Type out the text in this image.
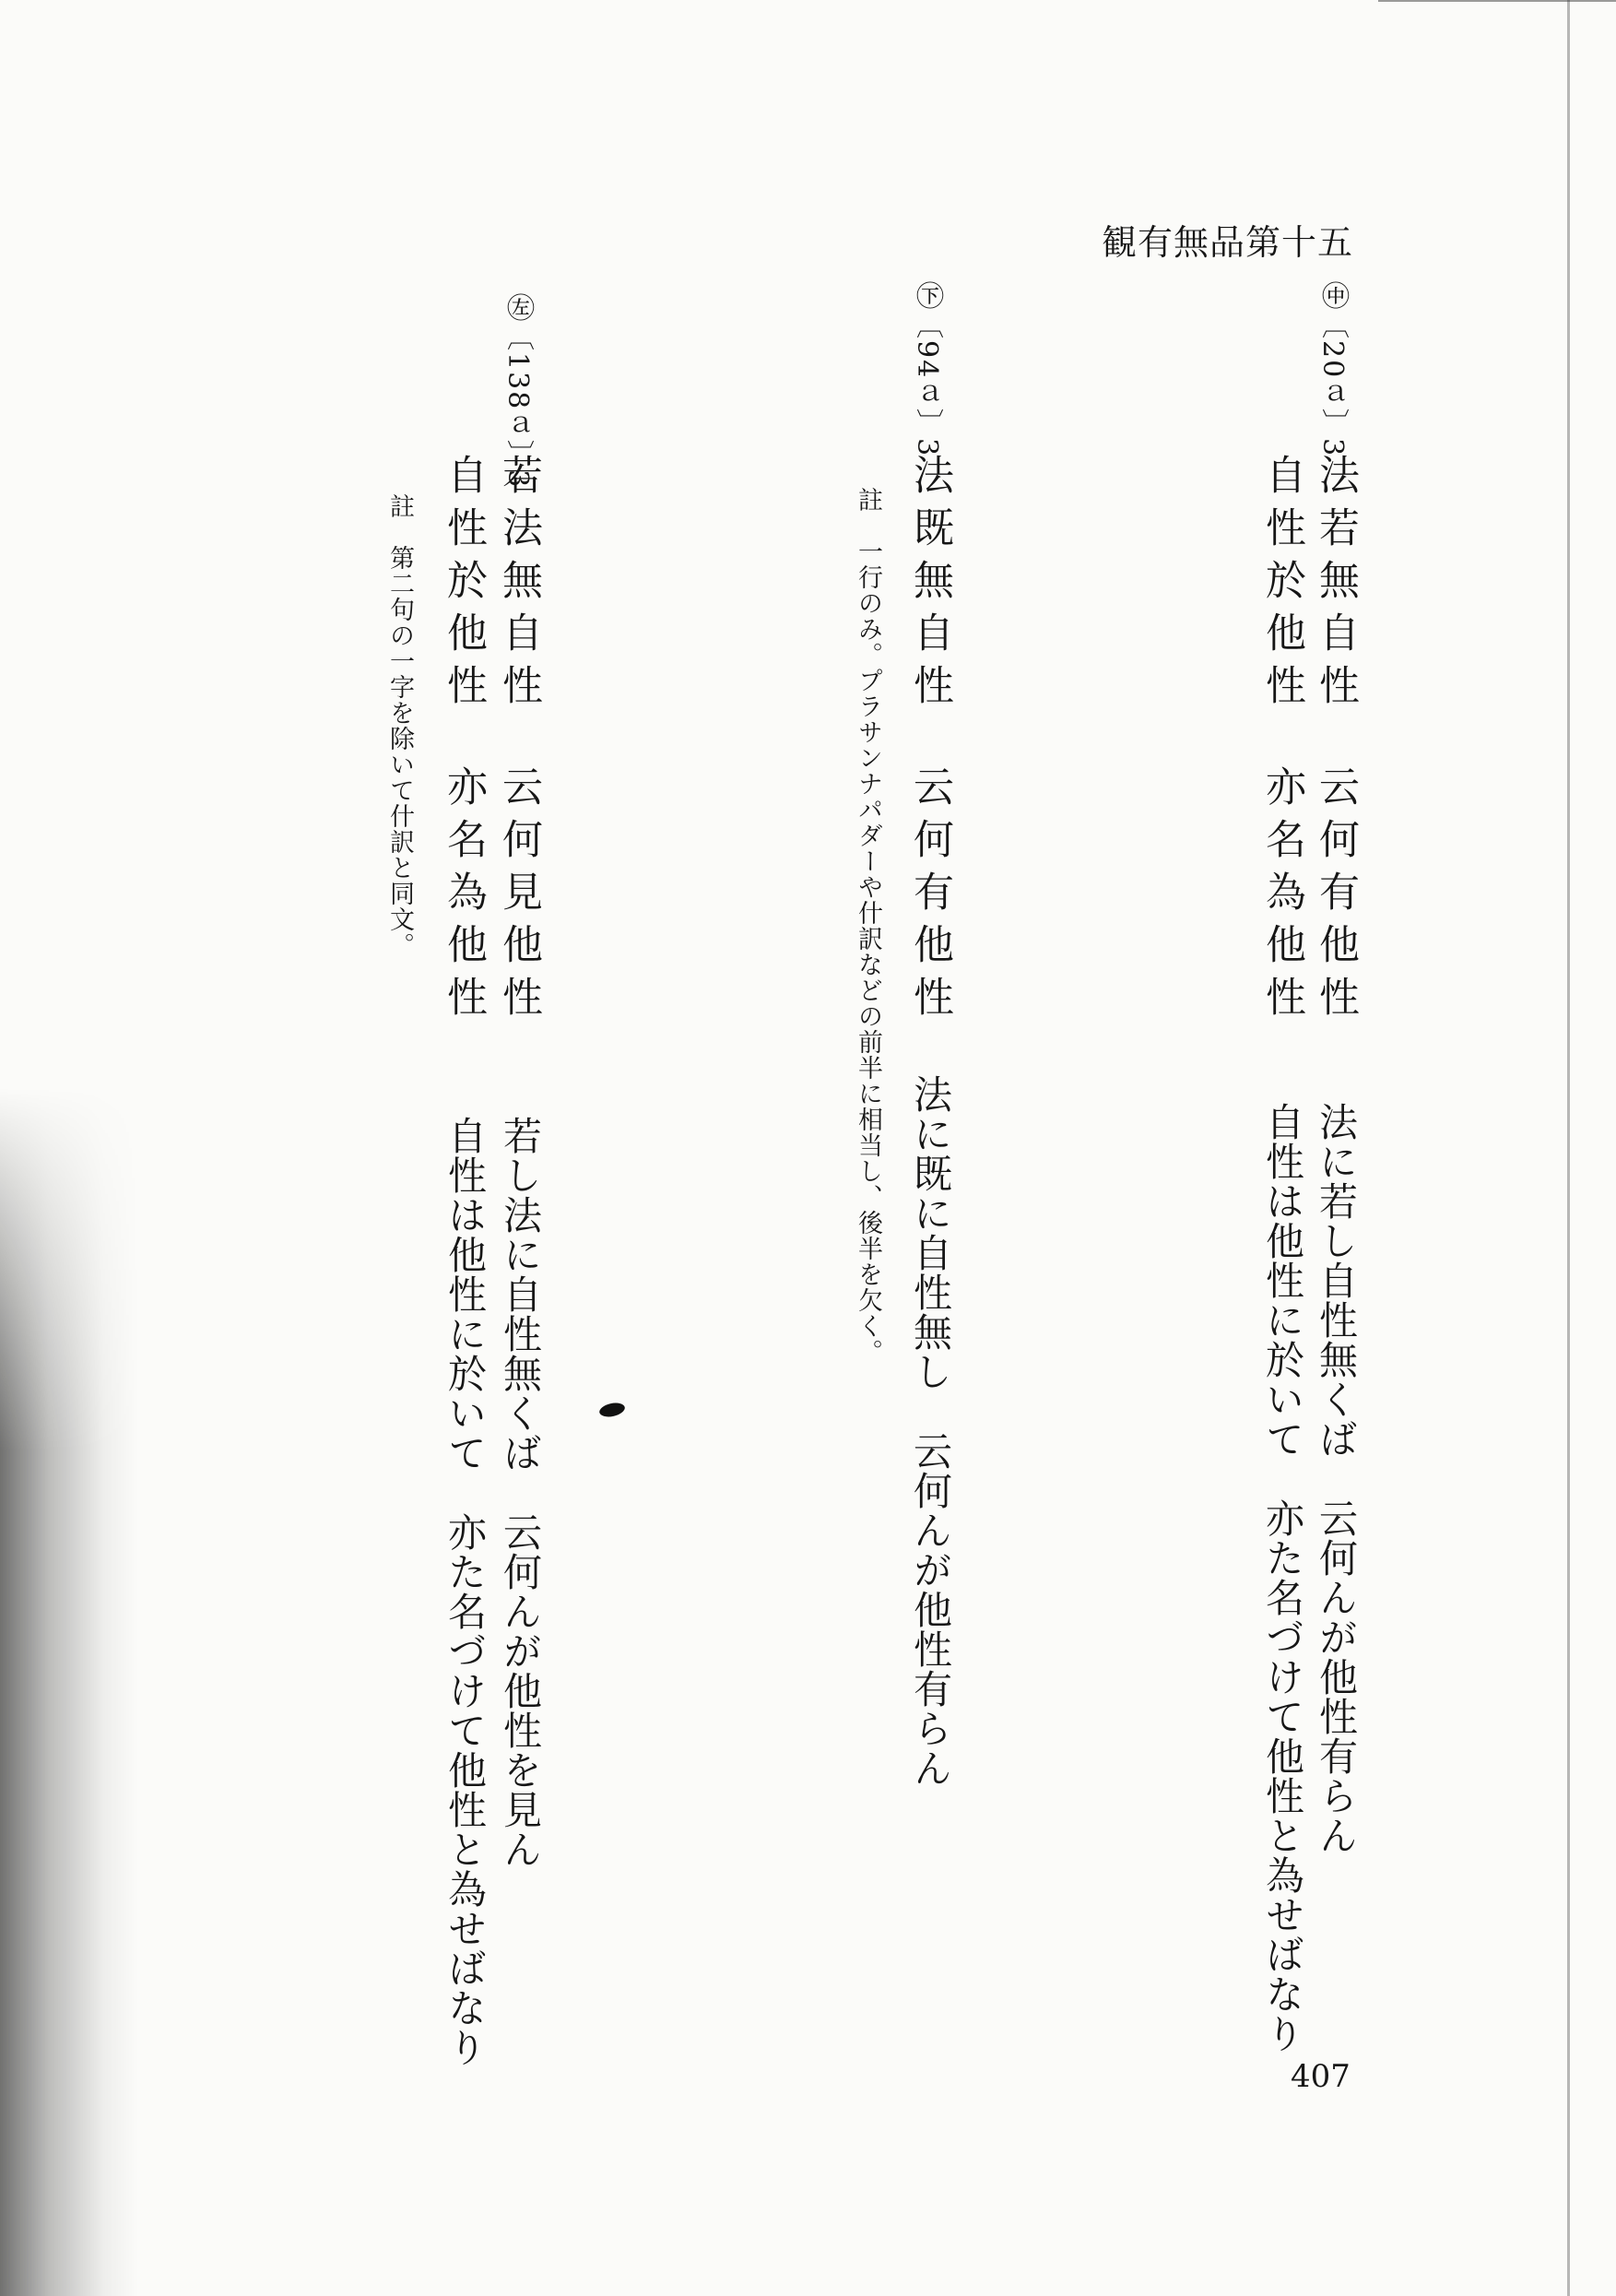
観有無品第十五
㊥〔20ａ〕3
法若無自性
自性於他性
云何有他性
亦名為他性
法に若し自性無くば　云何んが他性有らん
自性は他性に於いて　亦た名づけて他性と為せばなり
㊦〔94ａ〕3
法既無自性
云何有他性
法に既に自性無し　云何んが他性有らん
註　一行のみ。プラサンナパダーや什訳などの前半に相当し、後半を欠く。
㊧〔138ａ〕3
若法無自性
自性於他性
云何見他性
亦名為他性
若し法に自性無くば　云何んが他性を見ん
自性は他性に於いて　亦た名づけて他性と為せばなり
註　第二句の一字を除いて什訳と同文。
407
